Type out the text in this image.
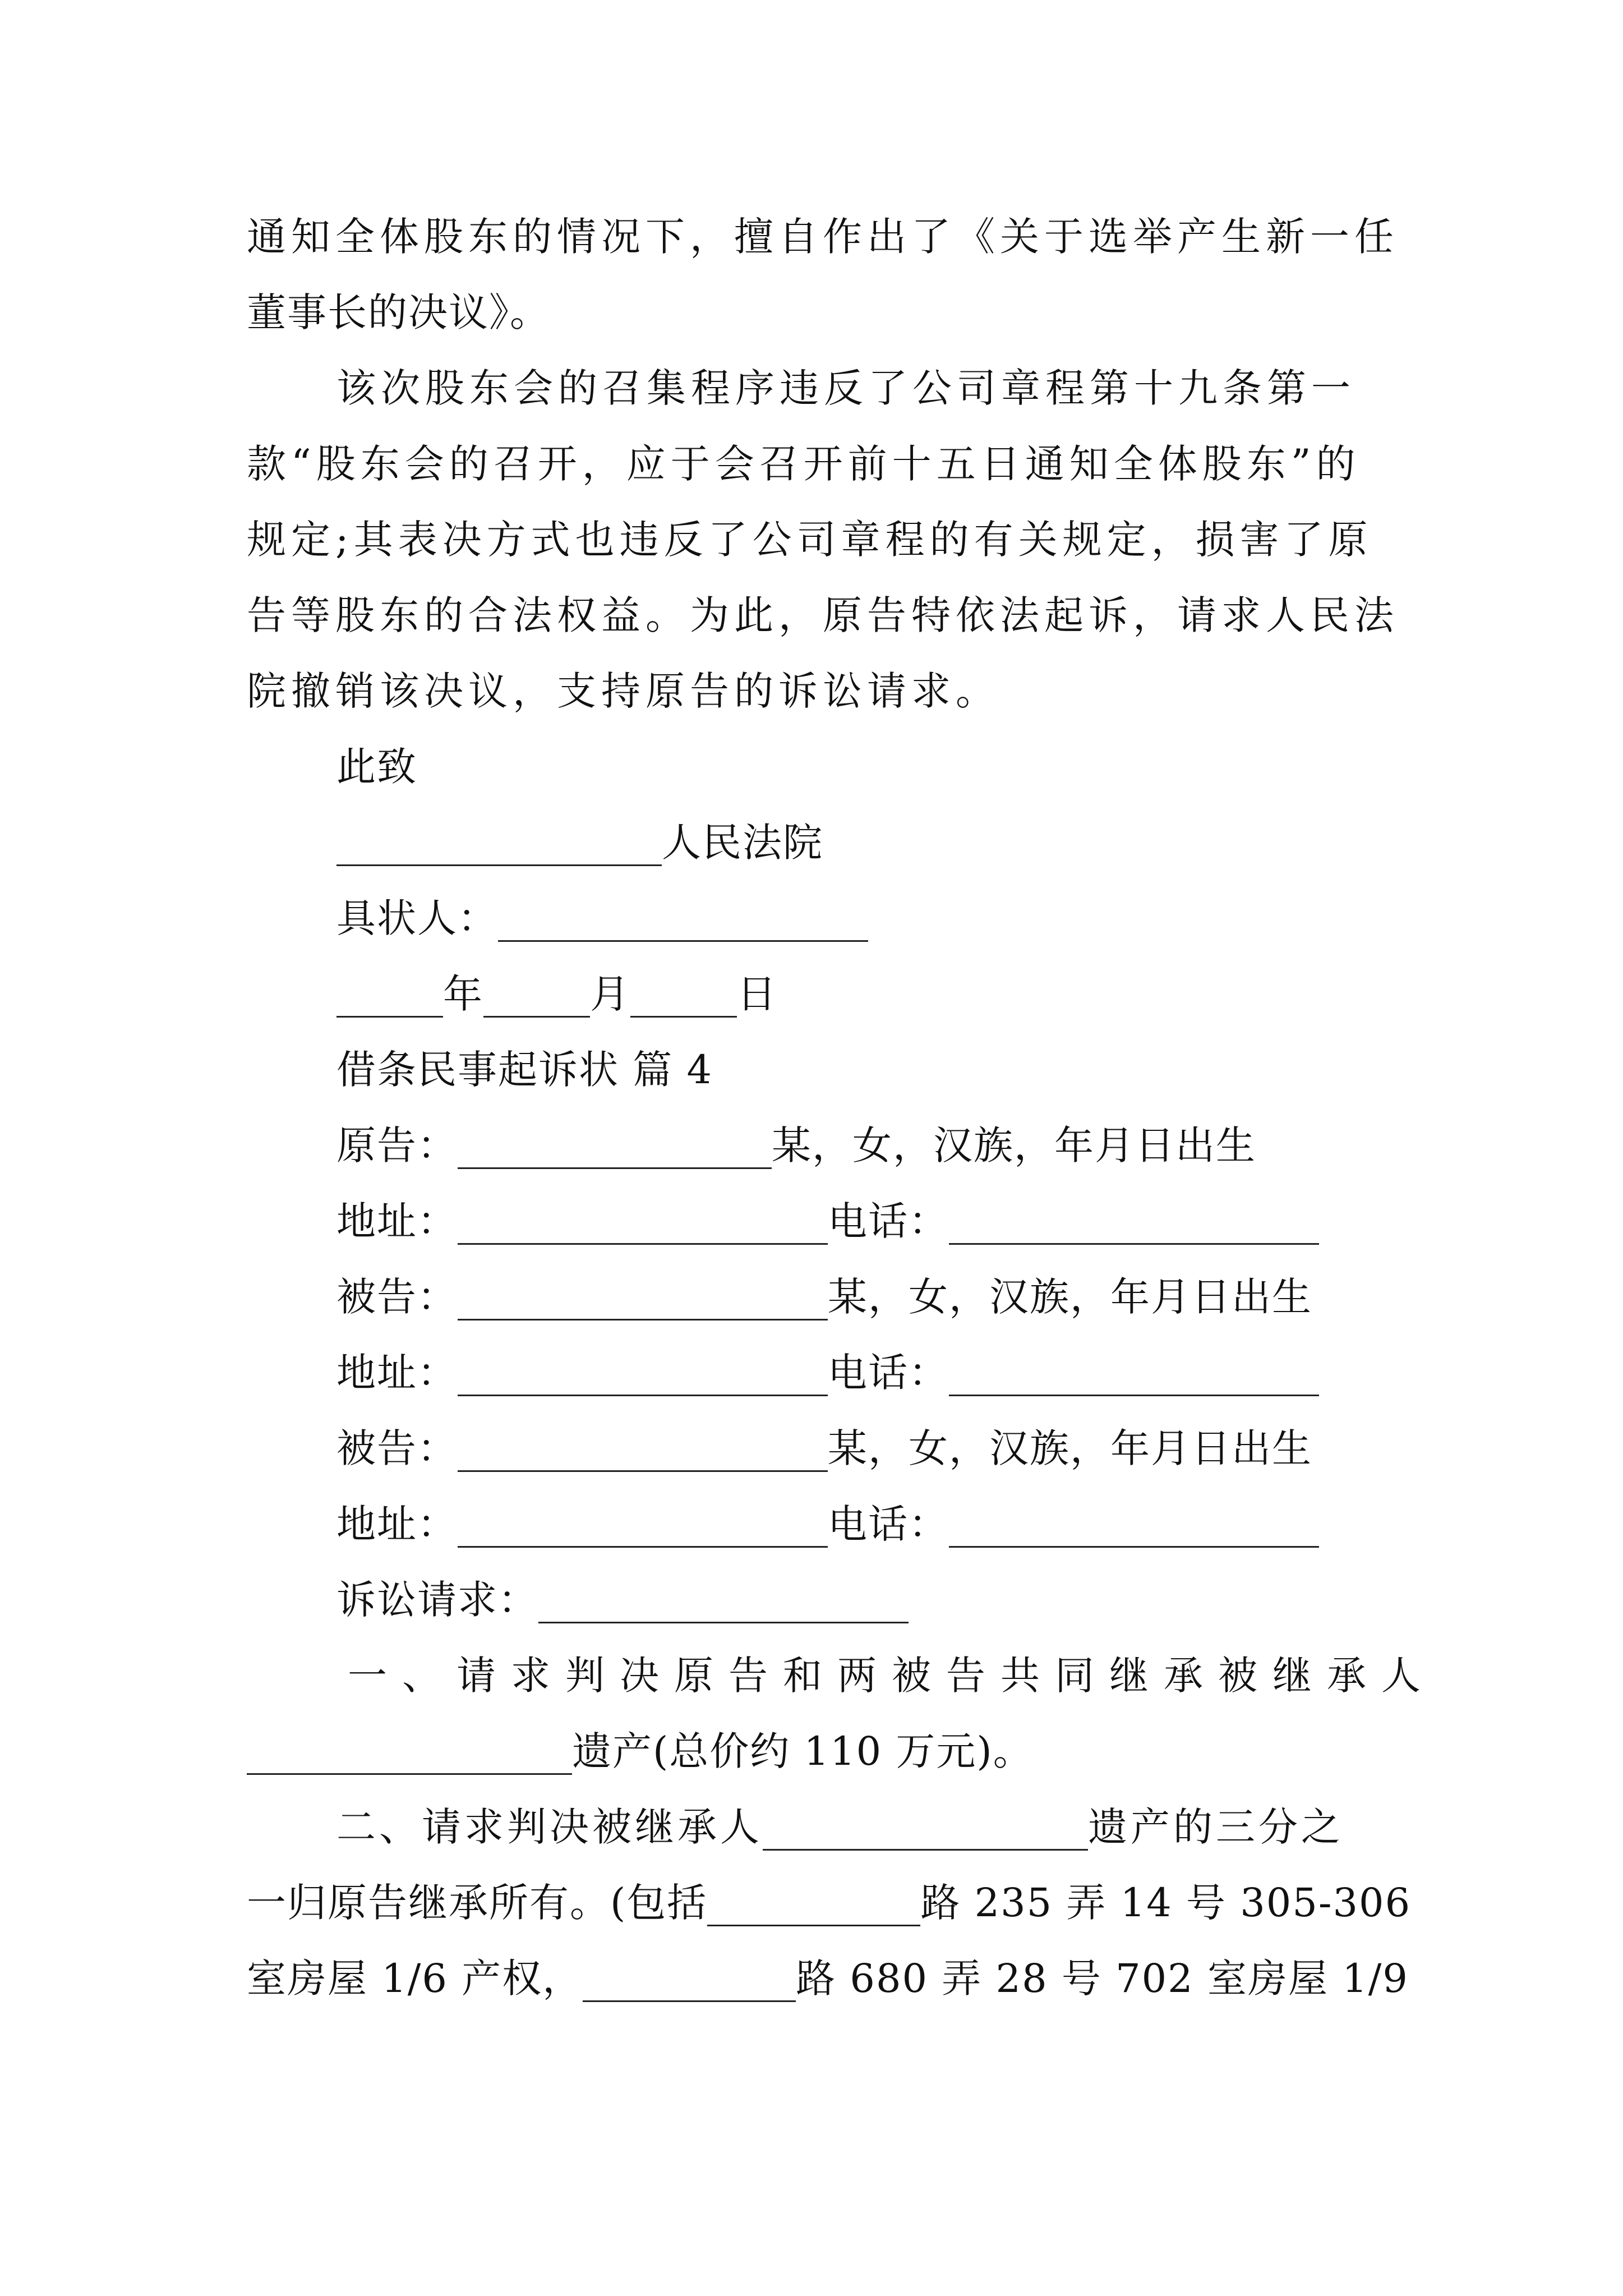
通知全体股东的情况下，擅自作出了《关于选举产生新一任
董事长的决议》。
该次股东会的召集程序违反了公司章程第十九条第一
款“股东会的召开，应于会召开前十五日通知全体股东”的
规定;其表决方式也违反了公司章程的有关规定，损害了原
告等股东的合法权益。为此，原告特依法起诉，请求人民法
院撤销该决议，支持原告的诉讼请求。
此致
人民法院
具状人：
年	月	日
借条民事起诉状 篇 4
原告：	某，女，汉族，年月日出生
地址：	电话：
被告：	某，女，汉族，年月日出生
地址：	电话：
被告：	某，女，汉族，年月日出生
地址：	电话：
诉讼请求：
一、请求判决原告和两被告共同继承被继承人
遗产(总价约 110 万元)。
二、请求判决被继承人	遗产的三分之
一归原告继承所有。(包括	路 235 弄 14 号 305-306
室房屋 1/6 产权，	路 680 弄 28 号 702 室房屋 1/9
